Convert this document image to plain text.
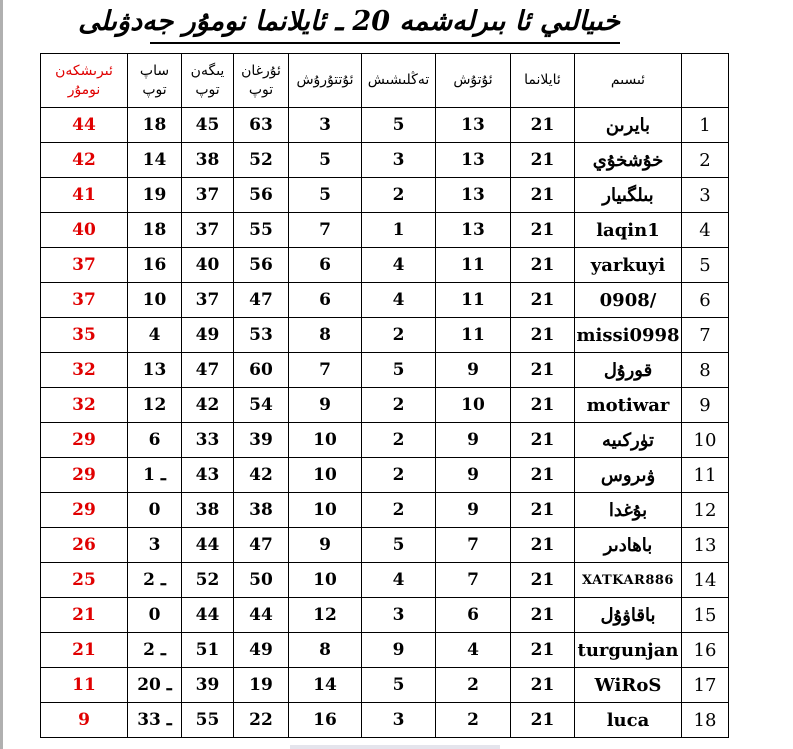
خىيالىي ئا بىرلەشمە 20 ـ ئايلانما نومۇر جەدۋىلى
	ئىسىم	ئايلانما	ئۇتۇش	تەڭلىشىش	ئۇتتۇرۇش	ئۇرغان توپ	يىگەن توپ	ساپ توپ	ئىرىشكەن نومۇر
1	بايرىن	21	13	5	3	63	45	18	44
2	خۇشخۇي	21	13	3	5	52	38	14	42
3	بىلگىيار	21	13	2	5	56	37	19	41
4	laqin1	21	13	1	7	55	37	18	40
5	yarkuyi	21	11	4	6	56	40	16	37
6	/0908	21	11	4	6	47	37	10	37
7	missi0998	21	11	2	8	53	49	4	35
8	قورۇل	21	9	5	7	60	47	13	32
9	motiwar	21	10	2	9	54	42	12	32
10	تۈركىيە	21	9	2	10	39	33	6	29
11	ۋىروس	21	9	2	10	42	43	1 ـ	29
12	بۇغدا	21	9	2	10	38	38	0	29
13	باھادىر	21	7	5	9	47	44	3	26
14	XATKAR886	21	7	4	10	50	52	2 ـ	25
15	باقاۋۇل	21	6	3	12	44	44	0	21
16	turgunjan	21	4	9	8	49	51	2 ـ	21
17	WiRoS	21	2	5	14	19	39	20 ـ	11
18	luca	21	2	3	16	22	55	33 ـ	9
